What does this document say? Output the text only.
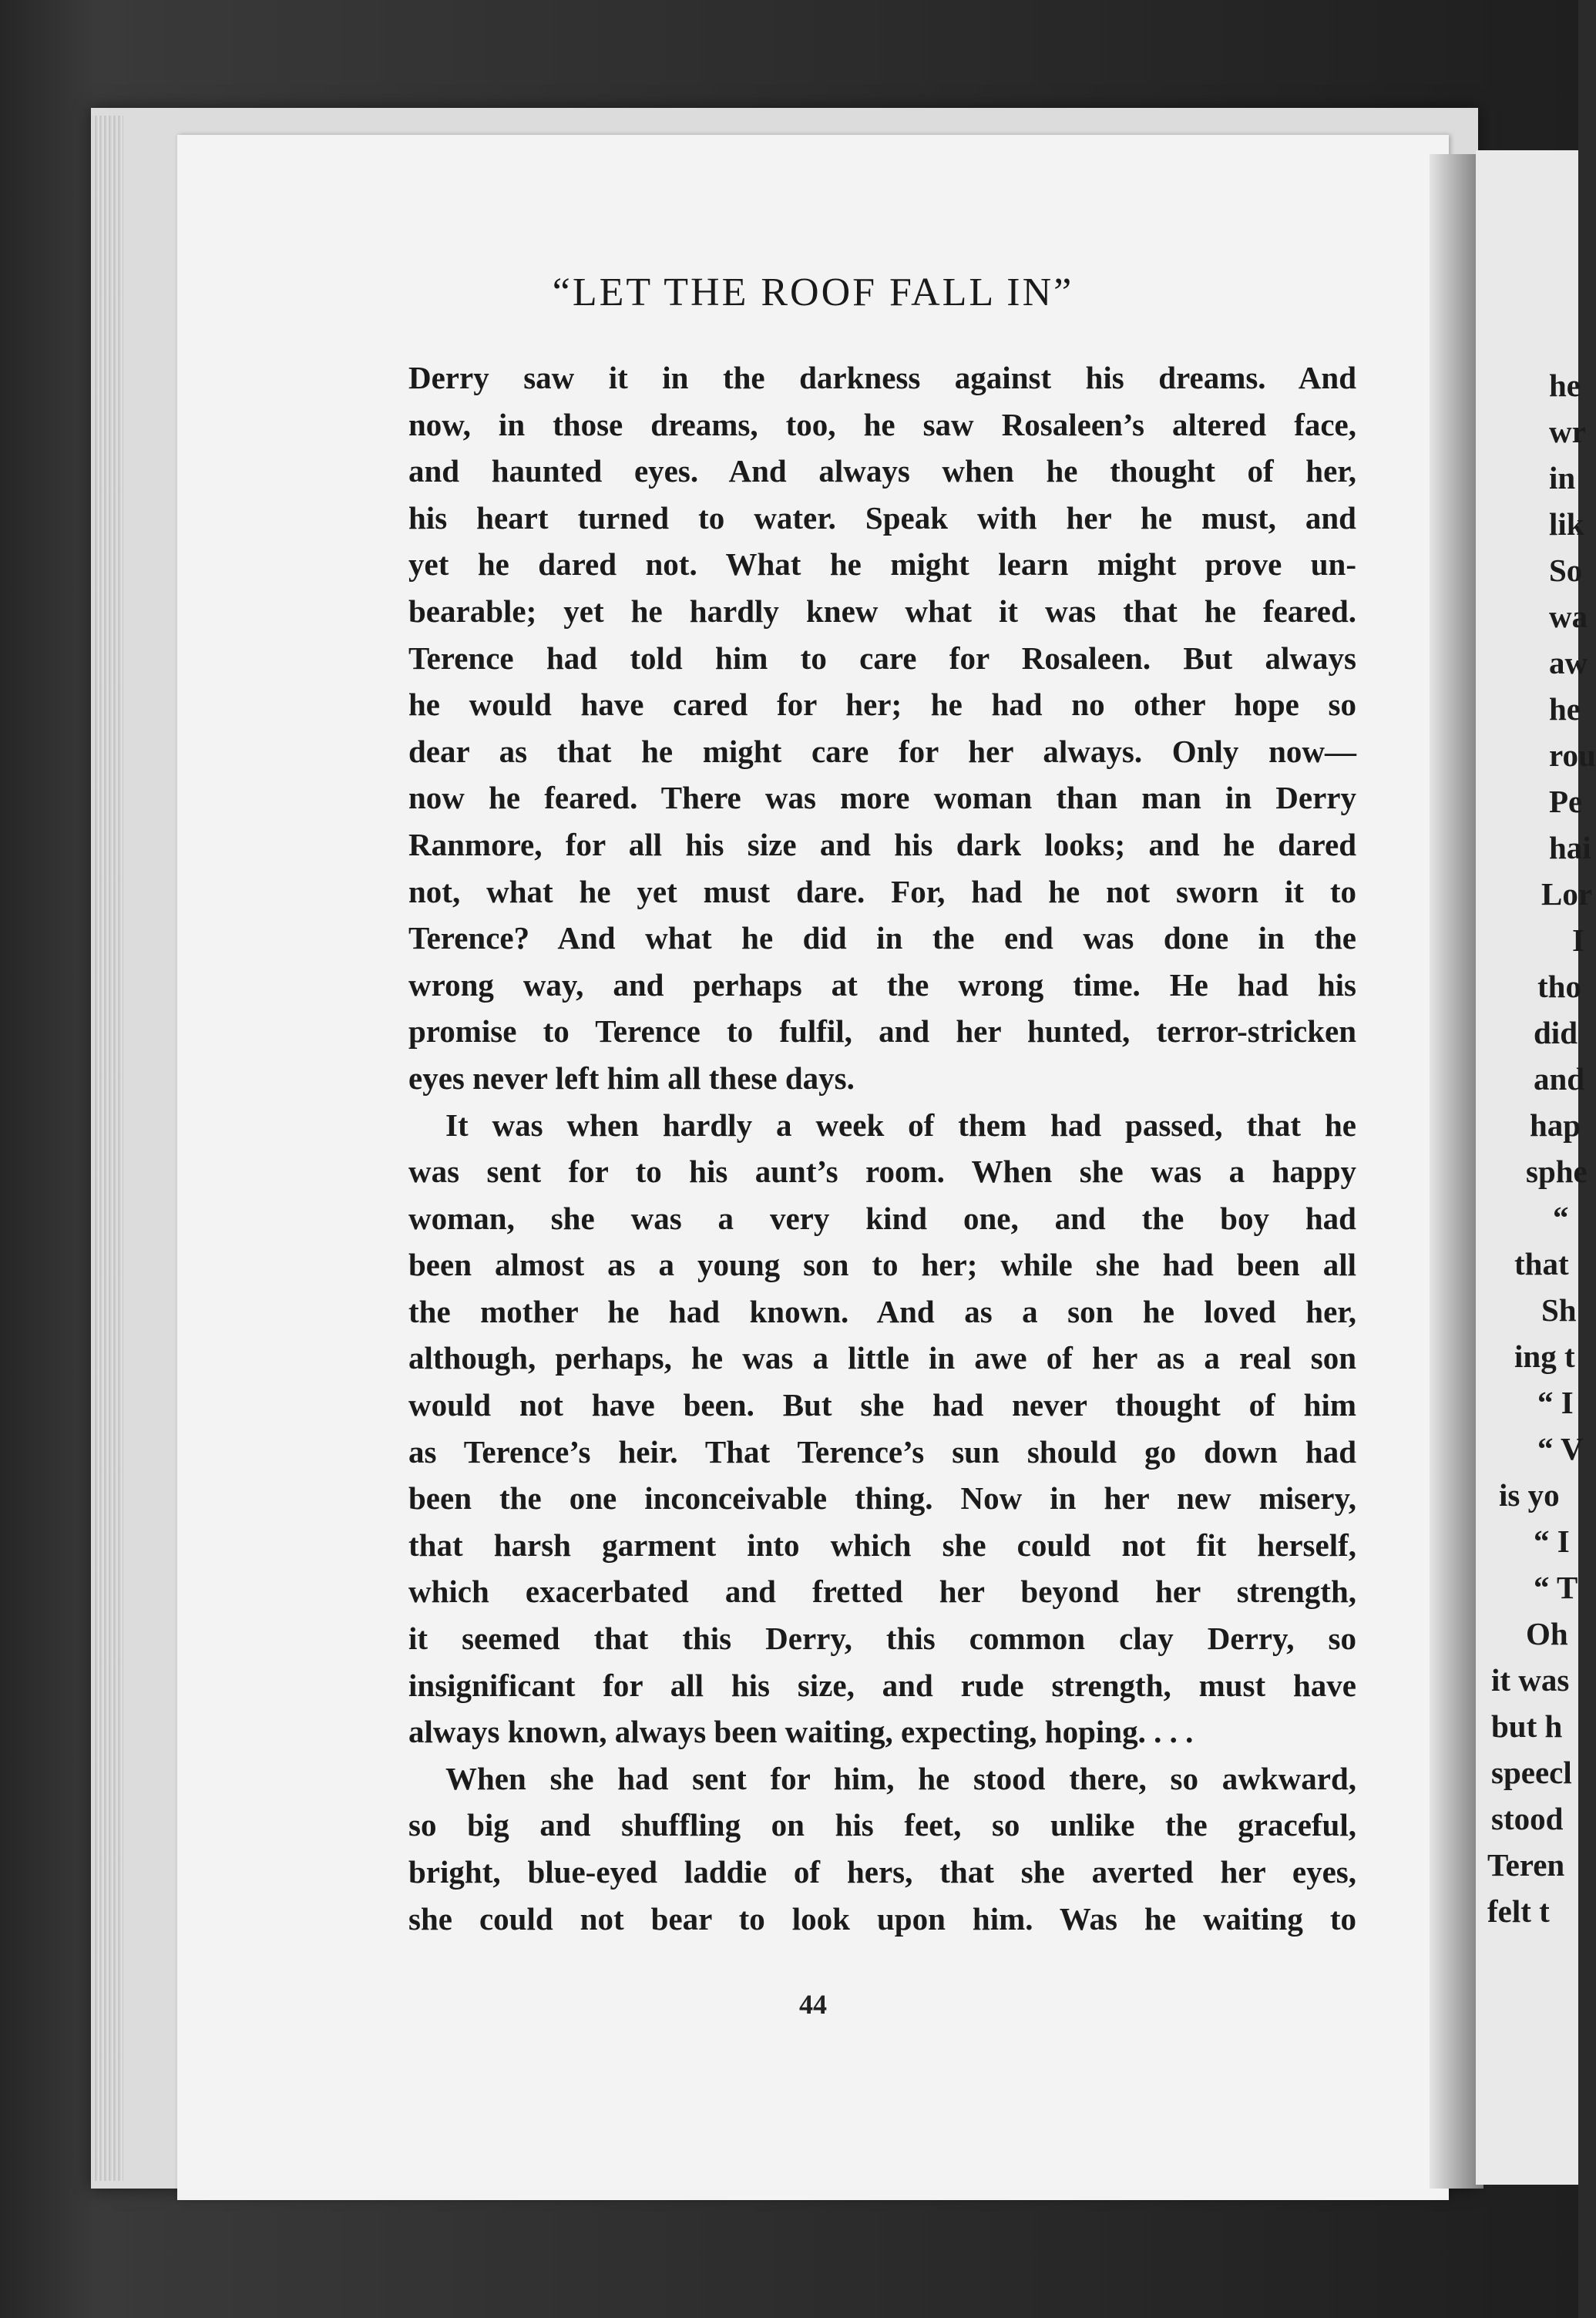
“LET THE ROOF FALL IN”
Derry saw it in the darkness against his dreams. And
now, in those dreams, too, he saw Rosaleen’s altered face,
and haunted eyes. And always when he thought of her,
his heart turned to water. Speak with her he must, and
yet he dared not. What he might learn might prove un-
bearable; yet he hardly knew what it was that he feared.
Terence had told him to care for Rosaleen. But always
he would have cared for her; he had no other hope so
dear as that he might care for her always. Only now—
now he feared. There was more woman than man in Derry
Ranmore, for all his size and his dark looks; and he dared
not, what he yet must dare. For, had he not sworn it to
Terence? And what he did in the end was done in the
wrong way, and perhaps at the wrong time. He had his
promise to Terence to fulfil, and her hunted, terror-stricken
eyes never left him all these days.
It was when hardly a week of them had passed, that he
was sent for to his aunt’s room. When she was a happy
woman, she was a very kind one, and the boy had
been almost as a young son to her; while she had been all
the mother he had known. And as a son he loved her,
although, perhaps, he was a little in awe of her as a real son
would not have been. But she had never thought of him
as Terence’s heir. That Terence’s sun should go down had
been the one inconceivable thing. Now in her new misery,
that harsh garment into which she could not fit herself,
which exacerbated and fretted her beyond her strength,
it seemed that this Derry, this common clay Derry, so
insignificant for all his size, and rude strength, must have
always known, always been waiting, expecting, hoping. . . .
When she had sent for him, he stood there, so awkward,
so big and shuffling on his feet, so unlike the graceful,
bright, blue-eyed laddie of hers, that she averted her eyes,
she could not bear to look upon him. Was he waiting to
44
he
wr
in
lik
So
wa
aw
he
rou
Pe
hai
Lor
I
tho
did
and
hap
sphe
“
that
Sh
ing t
“ I
“ V
is yo
“ I
“ T
Oh
it was
but h
speecl
stood
Teren
felt t
